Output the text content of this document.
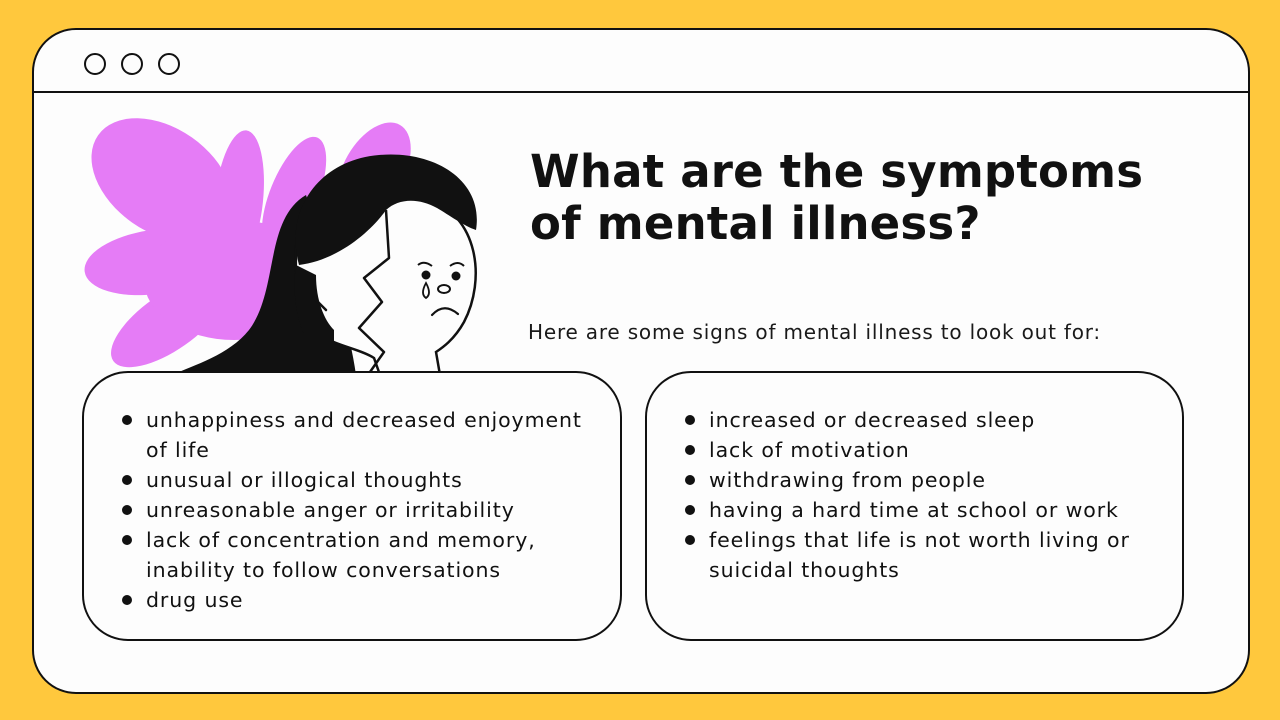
What are the symptoms of mental illness?

Here are some signs of mental illness to look out for:

unhappiness and decreased enjoyment of life
unusual or illogical thoughts
unreasonable anger or irritability
lack of concentration and memory, inability to follow conversations
drug use
increased or decreased sleep
lack of motivation
withdrawing from people
having a hard time at school or work
feelings that life is not worth living or suicidal thoughts
